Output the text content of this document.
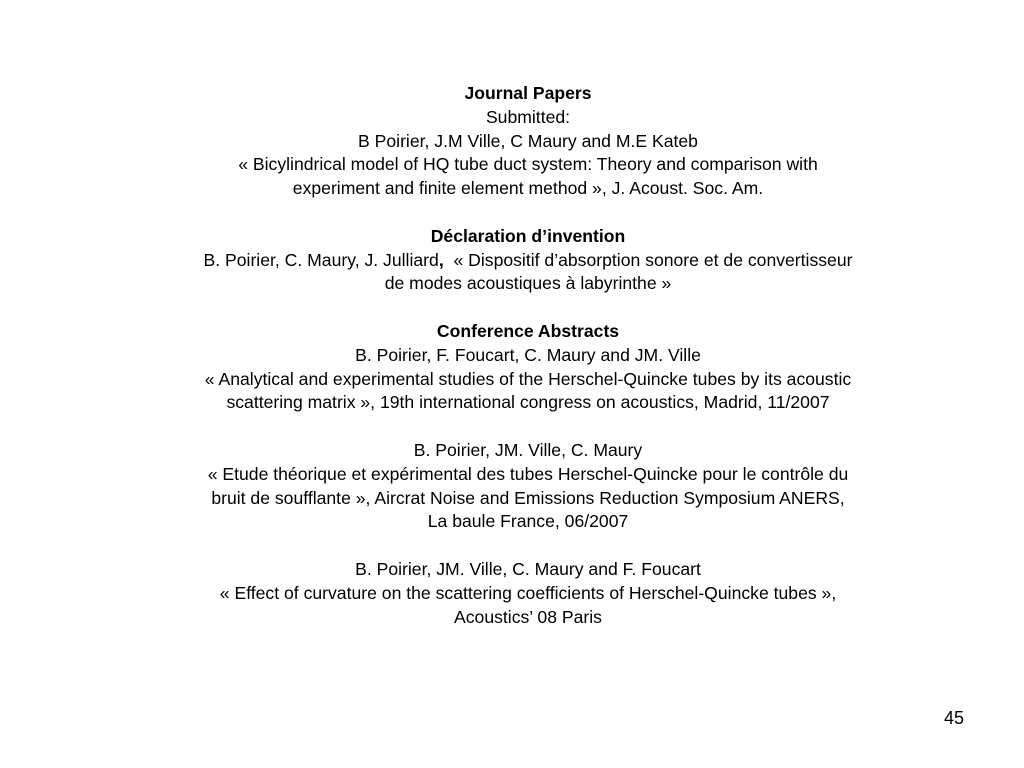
Journal Papers
Submitted:
B Poirier, J.M Ville, C Maury and M.E Kateb
« Bicylindrical model of HQ tube duct system: Theory and comparison with
experiment and finite element method », J. Acoust. Soc. Am.
Déclaration d’invention
B. Poirier, C. Maury, J. Julliard, « Dispositif d’absorption sonore et de convertisseur
de modes acoustiques à labyrinthe »
Conference Abstracts
B. Poirier, F. Foucart, C. Maury and JM. Ville
« Analytical and experimental studies of the Herschel-Quincke tubes by its acoustic
scattering matrix », 19th international congress on acoustics, Madrid, 11/2007
B. Poirier, JM. Ville, C. Maury
« Etude théorique et expérimental des tubes Herschel-Quincke pour le contrôle du
bruit de soufflante », Aircrat Noise and Emissions Reduction Symposium ANERS,
La baule France, 06/2007
B. Poirier, JM. Ville, C. Maury and F. Foucart
« Effect of curvature on the scattering coefficients of Herschel-Quincke tubes »,
Acoustics’ 08 Paris
45
